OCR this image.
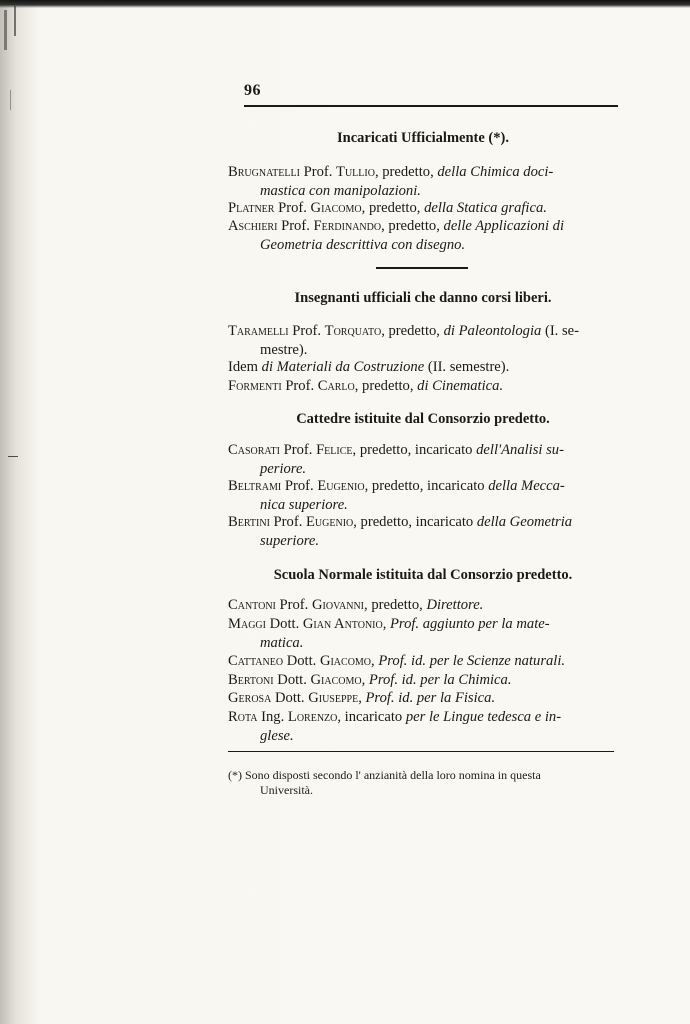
96
Incaricati Ufficialmente (*).
Brugnatelli Prof. Tullio, predetto, della Chimica doci-
mastica con manipolazioni.
Platner Prof. Giacomo, predetto, della Statica grafica.
Aschieri Prof. Ferdinando, predetto, delle Applicazioni di
Geometria descrittiva con disegno.
Insegnanti ufficiali che danno corsi liberi.
Taramelli Prof. Torquato, predetto, di Paleontologia (I. se-
mestre).
Idem di Materiali da Costruzione (II. semestre).
Formenti Prof. Carlo, predetto, di Cinematica.
Cattedre istituite dal Consorzio predetto.
Casorati Prof. Felice, predetto, incaricato dell'Analisi su-
periore.
Beltrami Prof. Eugenio, predetto, incaricato della Mecca-
nica superiore.
Bertini Prof. Eugenio, predetto, incaricato della Geometria
superiore.
Scuola Normale istituita dal Consorzio predetto.
Cantoni Prof. Giovanni, predetto, Direttore.
Maggi Dott. Gian Antonio, Prof. aggiunto per la mate-
matica.
Cattaneo Dott. Giacomo, Prof. id. per le Scienze naturali.
Bertoni Dott. Giacomo, Prof. id. per la Chimica.
Gerosa Dott. Giuseppe, Prof. id. per la Fisica.
Rota Ing. Lorenzo, incaricato per le Lingue tedesca e in-
glese.
(*) Sono disposti secondo l' anzianità della loro nomina in questa
Università.
